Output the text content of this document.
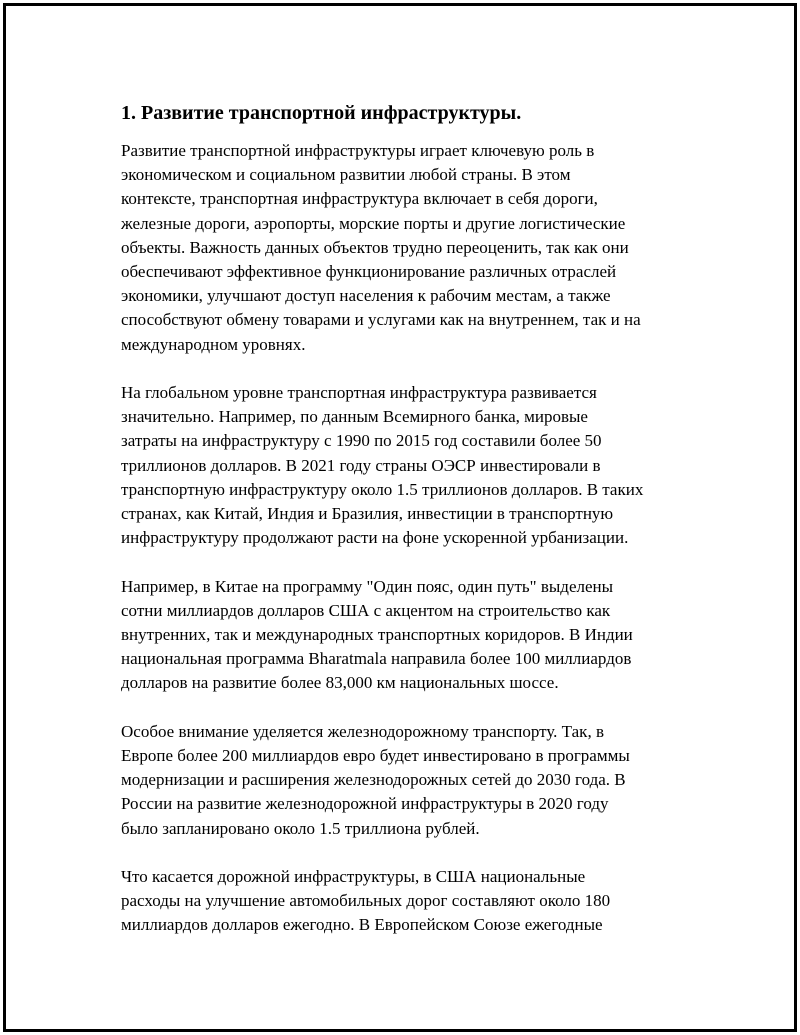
1. Развитие транспортной инфраструктуры.

Развитие транспортной инфраструктуры играет ключевую роль в
экономическом и социальном развитии любой страны. В этом
контексте, транспортная инфраструктура включает в себя дороги,
железные дороги, аэропорты, морские порты и другие логистические
объекты. Важность данных объектов трудно переоценить, так как они
обеспечивают эффективное функционирование различных отраслей
экономики, улучшают доступ населения к рабочим местам, а также
способствуют обмену товарами и услугами как на внутреннем, так и на
международном уровнях.

На глобальном уровне транспортная инфраструктура развивается
значительно. Например, по данным Всемирного банка, мировые
затраты на инфраструктуру с 1990 по 2015 год составили более 50
триллионов долларов. В 2021 году страны ОЭСР инвестировали в
транспортную инфраструктуру около 1.5 триллионов долларов. В таких
странах, как Китай, Индия и Бразилия, инвестиции в транспортную
инфраструктуру продолжают расти на фоне ускоренной урбанизации.

Например, в Китае на программу "Один пояс, один путь" выделены
сотни миллиардов долларов США с акцентом на строительство как
внутренних, так и международных транспортных коридоров. В Индии
национальная программа Bharatmala направила более 100 миллиардов
долларов на развитие более 83,000 км национальных шоссе.

Особое внимание уделяется железнодорожному транспорту. Так, в
Европе более 200 миллиардов евро будет инвестировано в программы
модернизации и расширения железнодорожных сетей до 2030 года. В
России на развитие железнодорожной инфраструктуры в 2020 году
было запланировано около 1.5 триллиона рублей.

Что касается дорожной инфраструктуры, в США национальные
расходы на улучшение автомобильных дорог составляют около 180
миллиардов долларов ежегодно. В Европейском Союзе ежегодные
